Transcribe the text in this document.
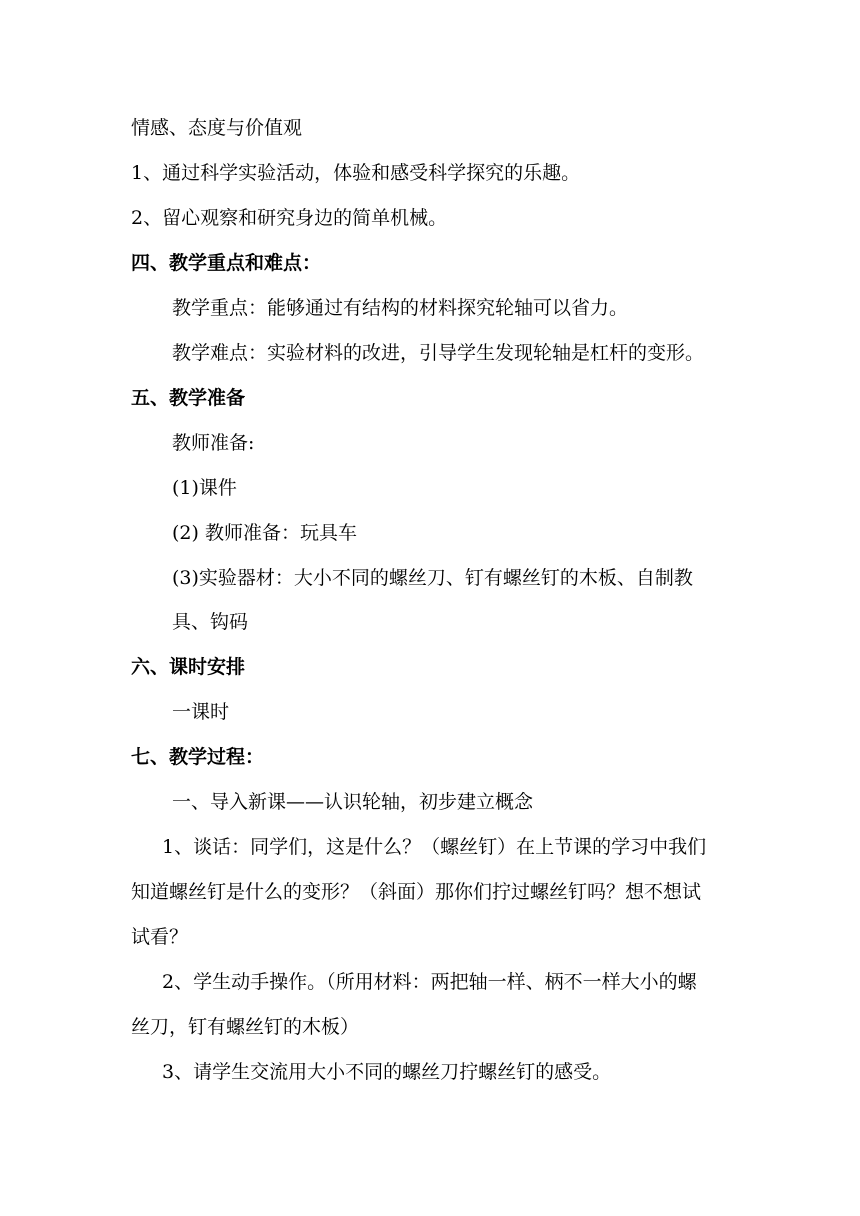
情感、态度与价值观
1、通过科学实验活动，体验和感受科学探究的乐趣。
2、留心观察和研究身边的简单机械。
四、教学重点和难点：
教学重点：能够通过有结构的材料探究轮轴可以省力。
教学难点：实验材料的改进，引导学生发现轮轴是杠杆的变形。
五、教学准备
教师准备:
(1)课件
(2) 教师准备：玩具车
(3)实验器材：大小不同的螺丝刀、钉有螺丝钉的木板、自制教
具、钩码
六、课时安排
一课时
七、教学过程：
一、导入新课——认识轮轴，初步建立概念
1、谈话：同学们，这是什么？（螺丝钉）在上节课的学习中我们
知道螺丝钉是什么的变形？（斜面）那你们拧过螺丝钉吗？想不想试
试看？
2、学生动手操作。（所用材料：两把轴一样、柄不一样大小的螺
丝刀，钉有螺丝钉的木板）
3、请学生交流用大小不同的螺丝刀拧螺丝钉的感受。
